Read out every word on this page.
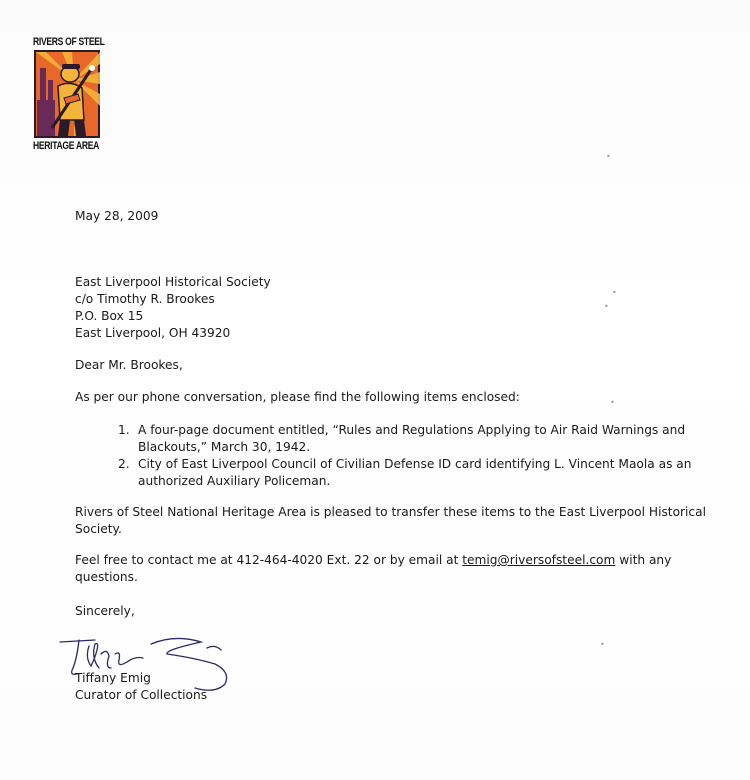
RIVERS OF STEEL
HERITAGE AREA
May 28, 2009
East Liverpool Historical Society
c/o Timothy R. Brookes
P.O. Box 15
East Liverpool, OH 43920
Dear Mr. Brookes,
As per our phone conversation, please find the following items enclosed:
1. A four-page document entitled, “Rules and Regulations Applying to Air Raid Warnings and
Blackouts,” March 30, 1942.
2. City of East Liverpool Council of Civilian Defense ID card identifying L. Vincent Maola as an
authorized Auxiliary Policeman.
Rivers of Steel National Heritage Area is pleased to transfer these items to the East Liverpool Historical
Society.
Feel free to contact me at 412-464-4020 Ext. 22 or by email at temig@riversofsteel.com with any
questions.
Sincerely,
Tiffany Emig
Curator of Collections
•
•
•
•
•
